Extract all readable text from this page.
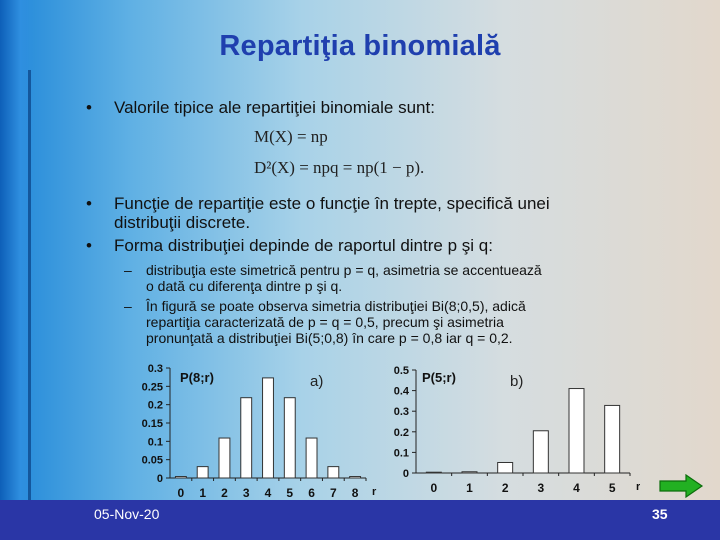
Repartiţia binomială
• Valorile tipice ale repartiţiei binomiale sunt:
M(X) = np
D²(X) = npq = np(1 − p).
• Funcţie de repartiţie este o funcţie în trepte, specifică unei
distribuţii discrete.
• Forma distribuţiei depinde de raportul dintre p şi q:
– distribuţia este simetrică pentru p = q, asimetria se accentuează
o dată cu diferenţa dintre p şi q.
– În figură se poate observa simetria distribuţiei Bi(8;0,5), adică
repartiţia caracterizată de p = q = 0,5, precum şi asimetria
pronunţată a distribuţiei Bi(5;0,8) în care p = 0,8 iar q = 0,2.
0
0.05
0.1
0.15
0.2
0.25
0.3
0 1 2 3 4 5 6 7 8 r
P(8;r)	a)
0
0.1
0.2
0.3
0.4
0.5
0 1 2 3 4 5 r
P(5;r)	b)
05-Nov-20	35
